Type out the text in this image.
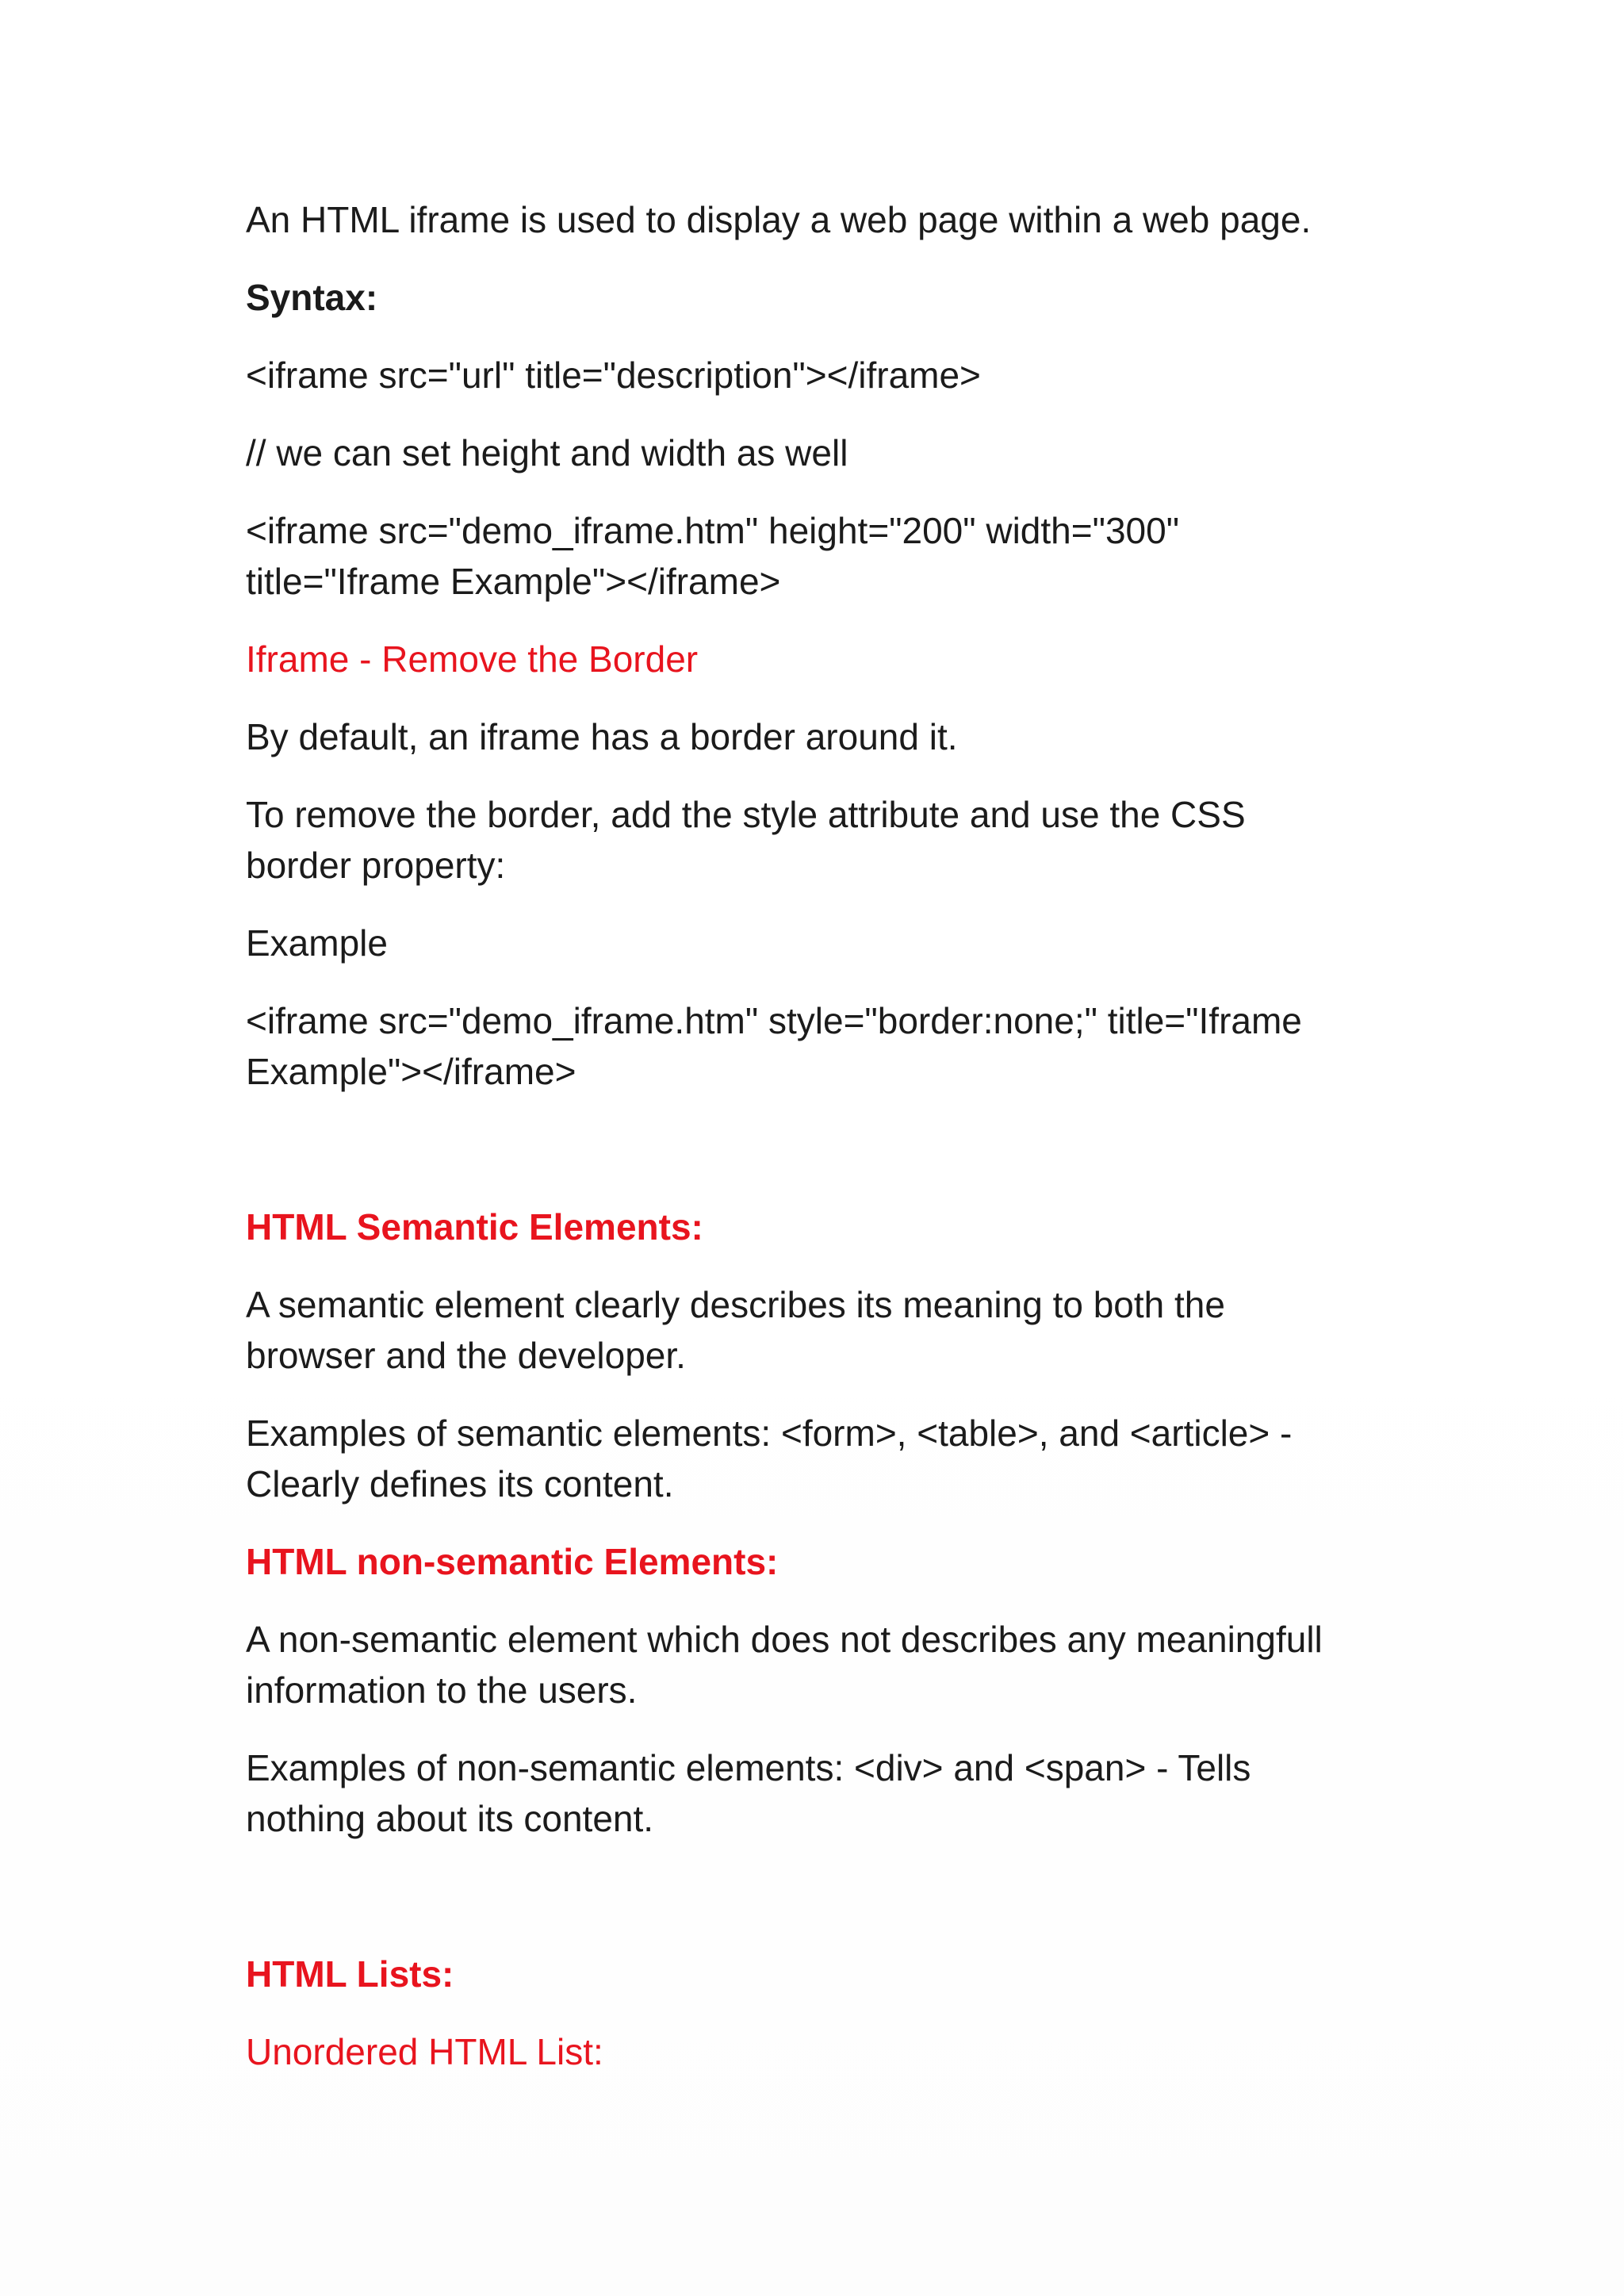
An HTML iframe is used to display a web page within a web page.

Syntax:

<iframe src="url" title="description"></iframe>

// we can set height and width as well

<iframe src="demo_iframe.htm" height="200" width="300"

title="Iframe Example"></iframe>

Iframe - Remove the Border

By default, an iframe has a border around it.

To remove the border, add the style attribute and use the CSS

border property:

Example

<iframe src="demo_iframe.htm" style="border:none;" title="Iframe

Example"></iframe>

HTML Semantic Elements:

A semantic element clearly describes its meaning to both the

browser and the developer.

Examples of semantic elements: <form>, <table>, and <article> -

Clearly defines its content.

HTML non-semantic Elements:

A non-semantic element which does not describes any meaningfull

information to the users.

Examples of non-semantic elements: <div> and <span> - Tells

nothing about its content.

HTML Lists:

Unordered HTML List:
